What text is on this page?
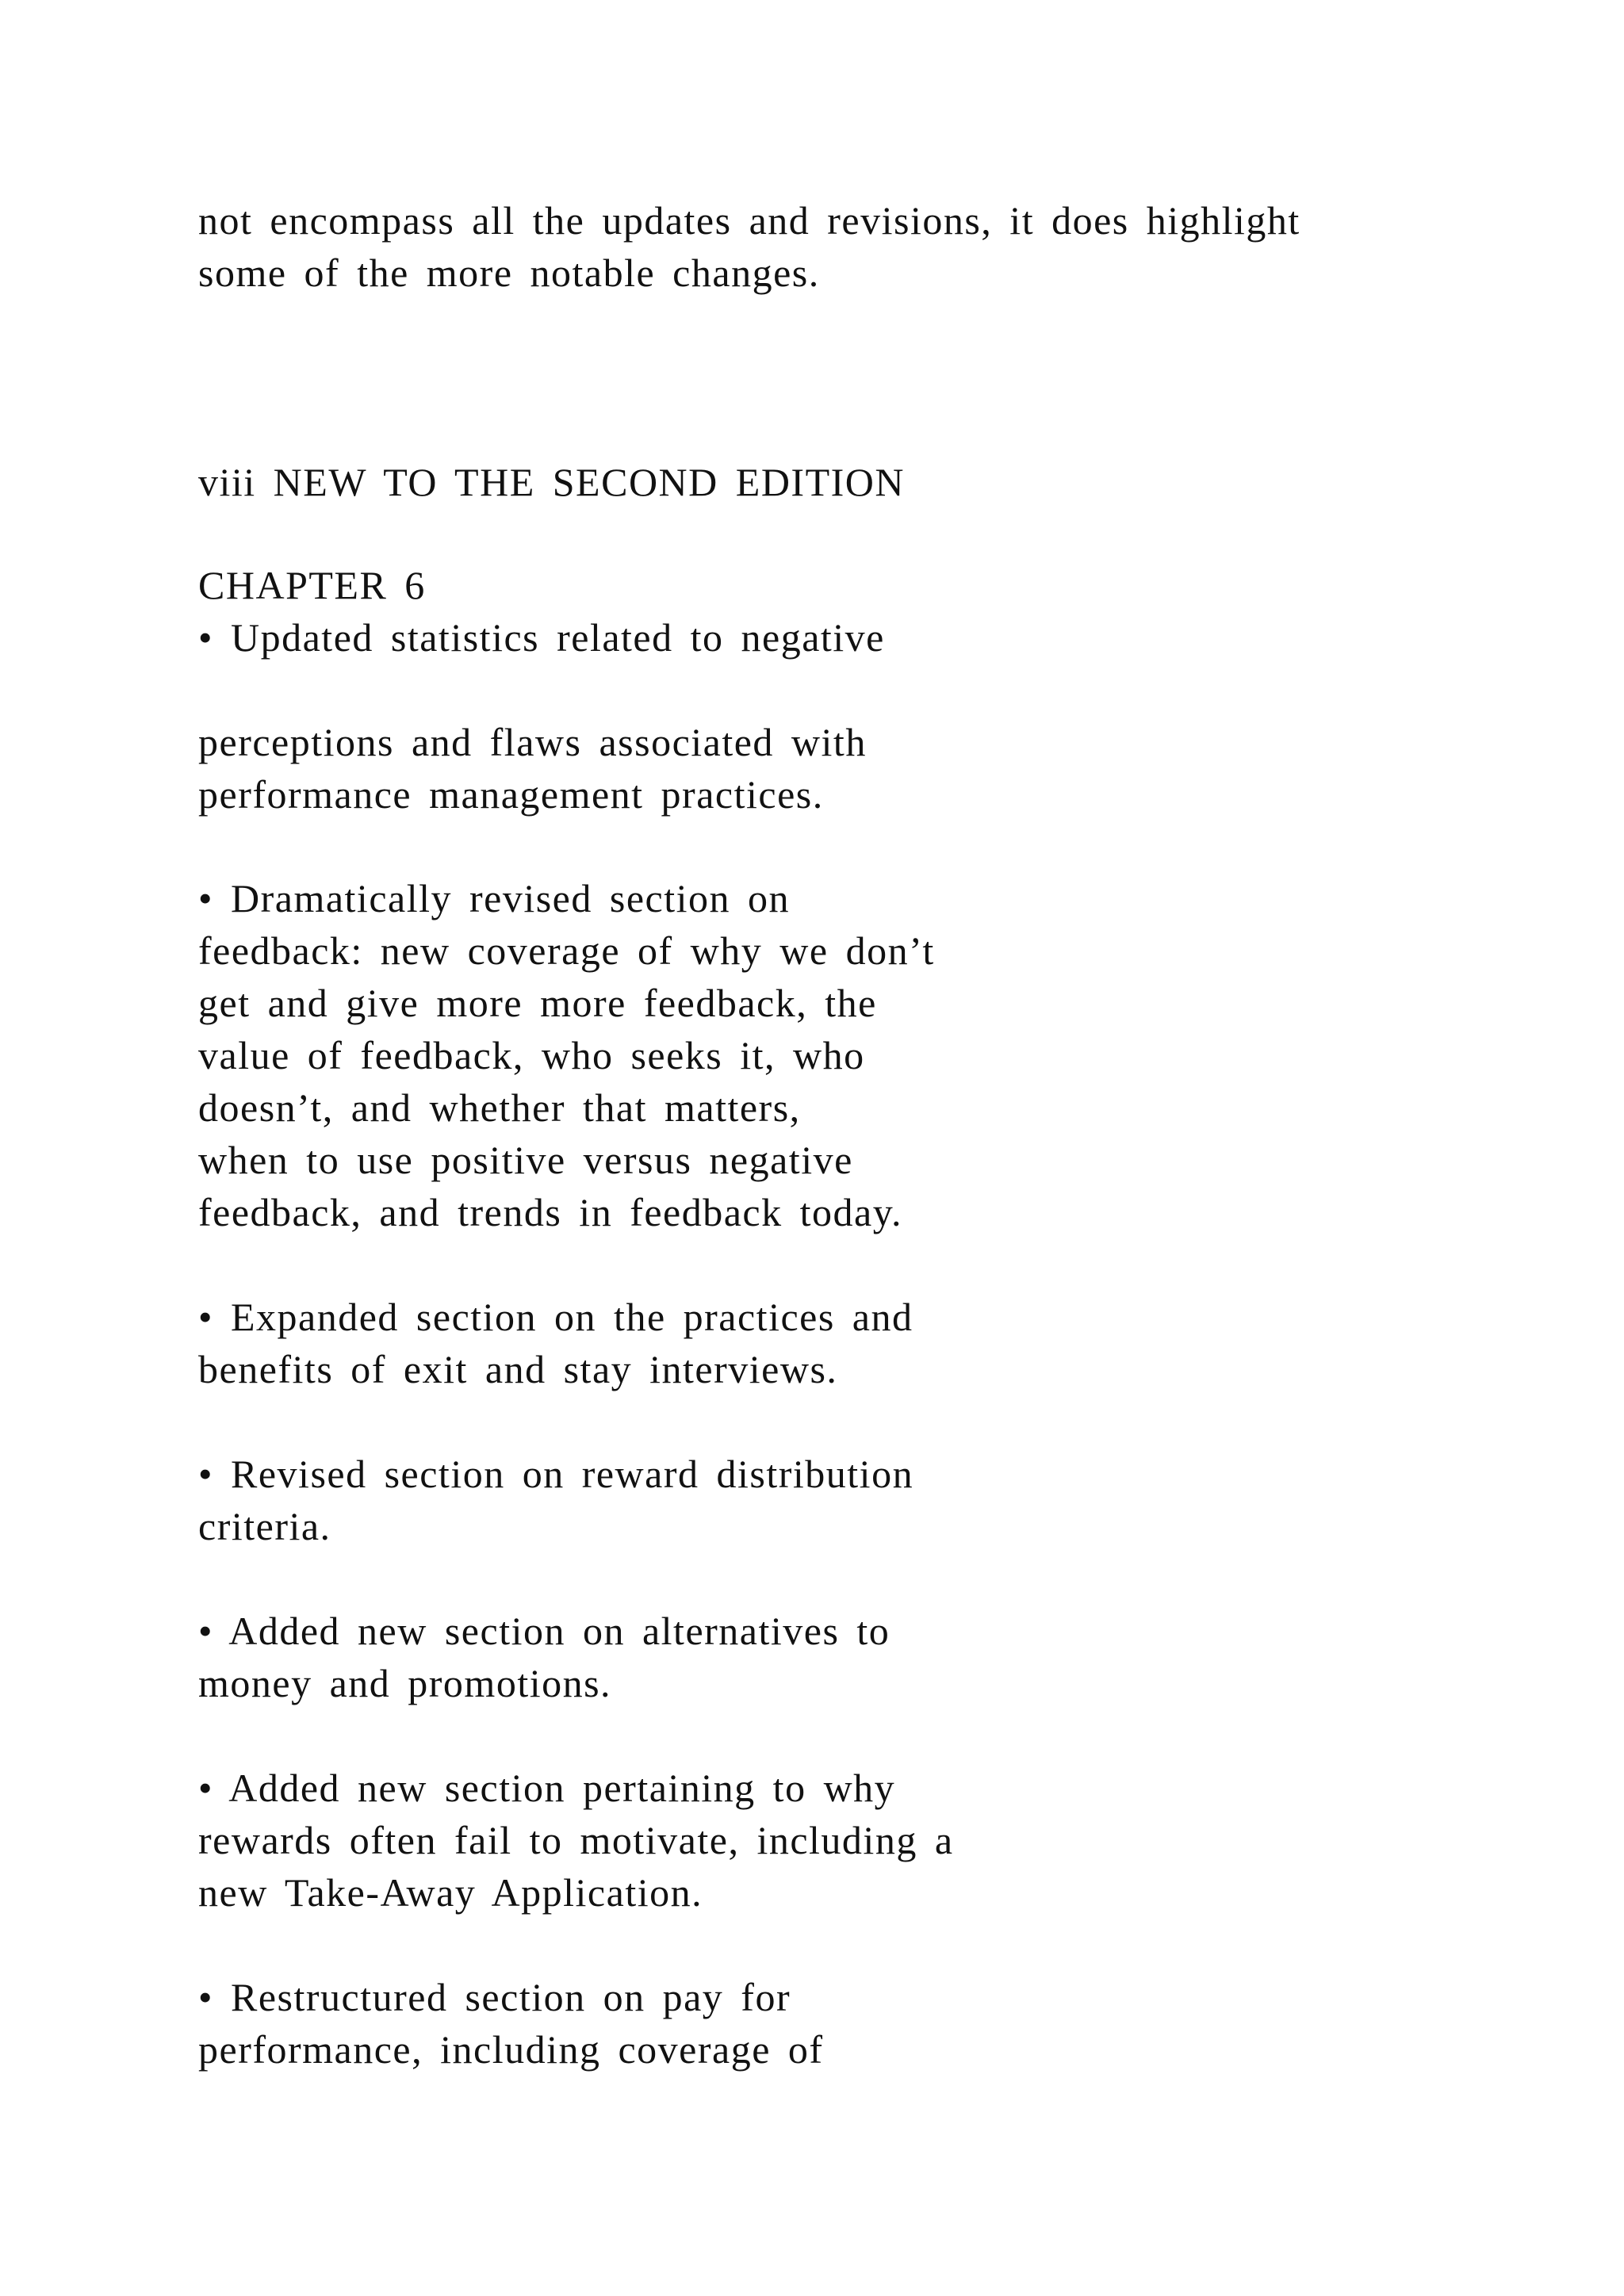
not encompass all the updates and revisions, it does highlight
some of the more notable changes.
viii NEW TO THE SECOND EDITION
CHAPTER 6
• Updated statistics related to negative
perceptions and flaws associated with
performance management practices.
• Dramatically revised section on
feedback: new coverage of why we don’t
get and give more more feedback, the
value of feedback, who seeks it, who
doesn’t, and whether that matters,
when to use positive versus negative
feedback, and trends in feedback today.
• Expanded section on the practices and
benefits of exit and stay interviews.
• Revised section on reward distribution
criteria.
• Added new section on alternatives to
money and promotions.
• Added new section pertaining to why
rewards often fail to motivate, including a
new Take-Away Application.
• Restructured section on pay for
performance, including coverage of
